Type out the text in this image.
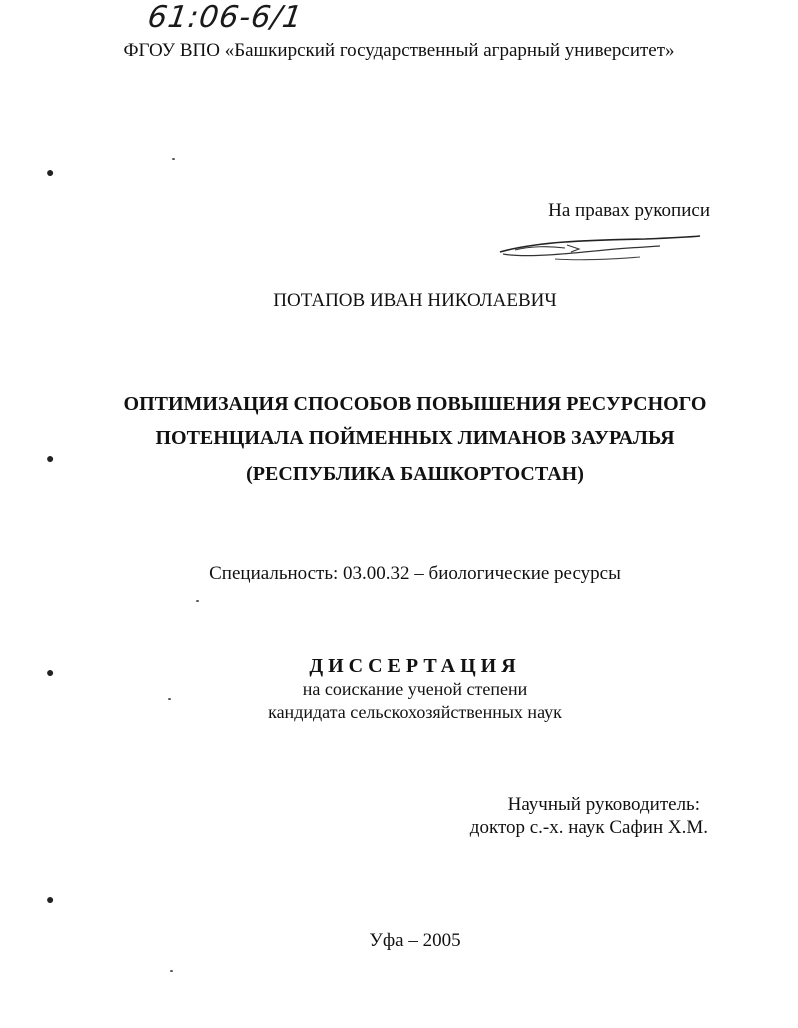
61:06-6/1
ФГОУ ВПО «Башкирский государственный аграрный университет»
На правах рукописи
ПОТАПОВ ИВАН НИКОЛАЕВИЧ
ОПТИМИЗАЦИЯ СПОСОБОВ ПОВЫШЕНИЯ РЕСУРСНОГО
ПОТЕНЦИАЛА ПОЙМЕННЫХ ЛИМАНОВ ЗАУРАЛЬЯ
(РЕСПУБЛИКА БАШКОРТОСТАН)
Специальность: 03.00.32 – биологические ресурсы
ДИССЕРТАЦИЯ
на соискание ученой степени
кандидата сельскохозяйственных наук
Научный руководитель:
доктор с.-х. наук Сафин Х.М.
Уфа – 2005
●
●
●
●
